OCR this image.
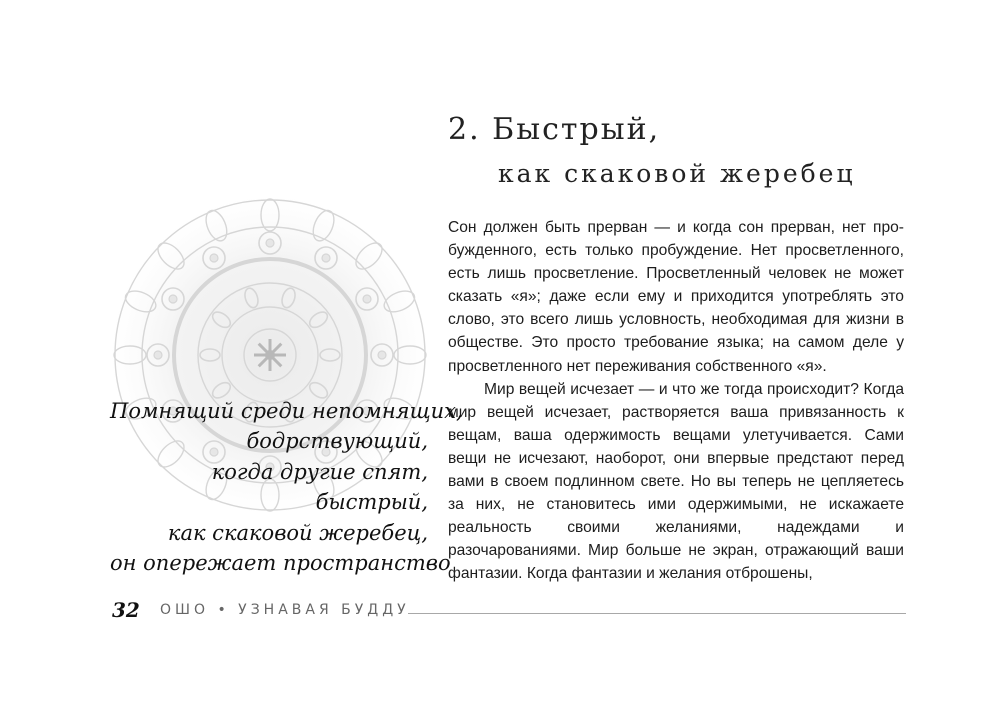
2. Быстрый,
как скаковой жеребец

Сон должен быть прерван — и когда сон прерван, нет пробужденного, есть только пробуждение. Нет просветленного, есть лишь просветление. Просветленный человек не может сказать «я»; даже если ему и приходится употреблять это слово, это всего лишь условность, необходимая для жизни в обществе. Это просто требование языка; на самом деле у просветленного нет переживания собственного «я».

Мир вещей исчезает — и что же тогда происходит? Когда мир вещей исчезает, растворяется ваша привязанность к вещам, ваша одержимость вещами улетучивается. Сами вещи не исчезают, наоборот, они впервые предстают перед вами в своем подлинном свете. Но вы теперь не цепляетесь за них, не становитесь ими одержимыми, не искажаете реальность своими желаниями, надеждами и разочарованиями. Мир больше не экран, отражающий ваши фантазии. Когда фантазии и желания отброшены,

Помнящий среди непомнящих,
бодрствующий,
когда другие спят,
быстрый,
как скаковой жеребец,
он опережает пространство
32 ОШО • УЗНАВАЯ БУДДУ
